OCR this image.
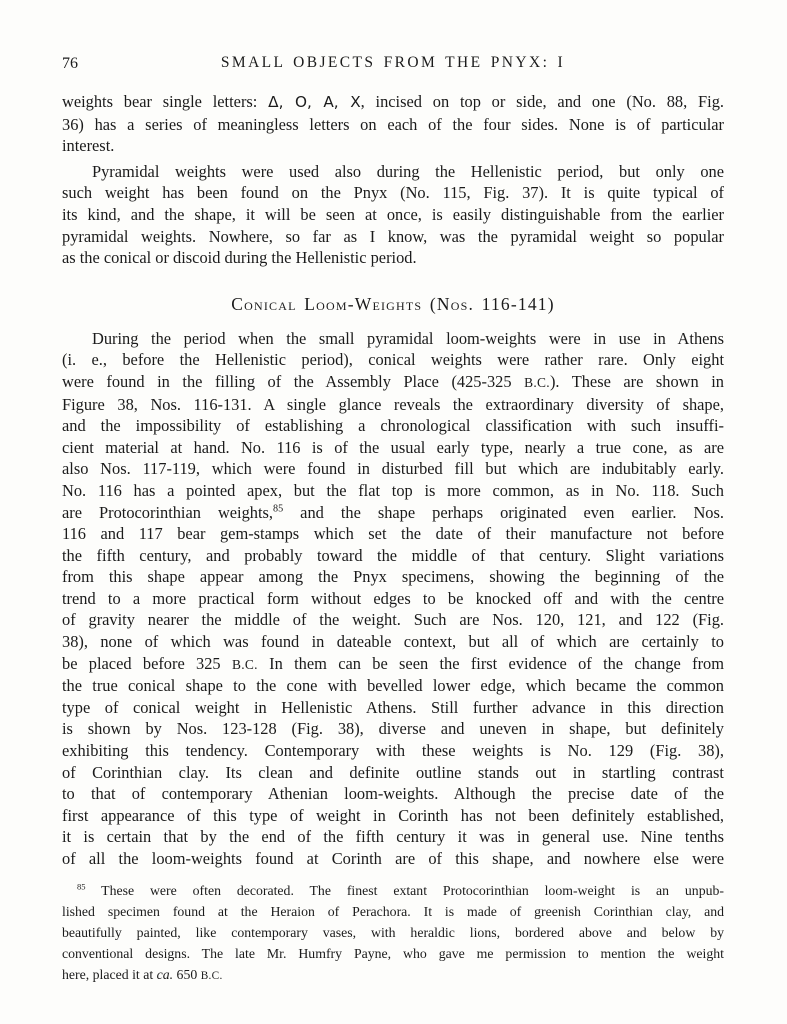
76	SMALL OBJECTS FROM THE PNYX: I
weights bear single letters: Δ, O, A, X, incised on top or side, and one (No. 88, Fig.
36) has a series of meaningless letters on each of the four sides. None is of particular
interest.
Pyramidal weights were used also during the Hellenistic period, but only one
such weight has been found on the Pnyx (No. 115, Fig. 37). It is quite typical of
its kind, and the shape, it will be seen at once, is easily distinguishable from the earlier
pyramidal weights. Nowhere, so far as I know, was the pyramidal weight so popular
as the conical or discoid during the Hellenistic period.
Conical Loom-Weights (Nos. 116-141)
During the period when the small pyramidal loom-weights were in use in Athens
(i. e., before the Hellenistic period), conical weights were rather rare. Only eight
were found in the filling of the Assembly Place (425-325 B.C.). These are shown in
Figure 38, Nos. 116-131. A single glance reveals the extraordinary diversity of shape,
and the impossibility of establishing a chronological classification with such insuffi-
cient material at hand. No. 116 is of the usual early type, nearly a true cone, as are
also Nos. 117-119, which were found in disturbed fill but which are indubitably early.
No. 116 has a pointed apex, but the flat top is more common, as in No. 118. Such
are Protocorinthian weights,$^{85}$ and the shape perhaps originated even earlier. Nos.
116 and 117 bear gem-stamps which set the date of their manufacture not before
the fifth century, and probably toward the middle of that century. Slight variations
from this shape appear among the Pnyx specimens, showing the beginning of the
trend to a more practical form without edges to be knocked off and with the centre
of gravity nearer the middle of the weight. Such are Nos. 120, 121, and 122 (Fig.
38), none of which was found in dateable context, but all of which are certainly to
be placed before 325 B.C. In them can be seen the first evidence of the change from
the true conical shape to the cone with bevelled lower edge, which became the common
type of conical weight in Hellenistic Athens. Still further advance in this direction
is shown by Nos. 123-128 (Fig. 38), diverse and uneven in shape, but definitely
exhibiting this tendency. Contemporary with these weights is No. 129 (Fig. 38),
of Corinthian clay. Its clean and definite outline stands out in startling contrast
to that of contemporary Athenian loom-weights. Although the precise date of the
first appearance of this type of weight in Corinth has not been definitely established,
it is certain that by the end of the fifth century it was in general use. Nine tenths
of all the loom-weights found at Corinth are of this shape, and nowhere else were
$^{85}$ These were often decorated. The finest extant Protocorinthian loom-weight is an unpub-
lished specimen found at the Heraion of Perachora. It is made of greenish Corinthian clay, and
beautifully painted, like contemporary vases, with heraldic lions, bordered above and below by
conventional designs. The late Mr. Humfry Payne, who gave me permission to mention the weight
here, placed it at ca. 650 B.C.
